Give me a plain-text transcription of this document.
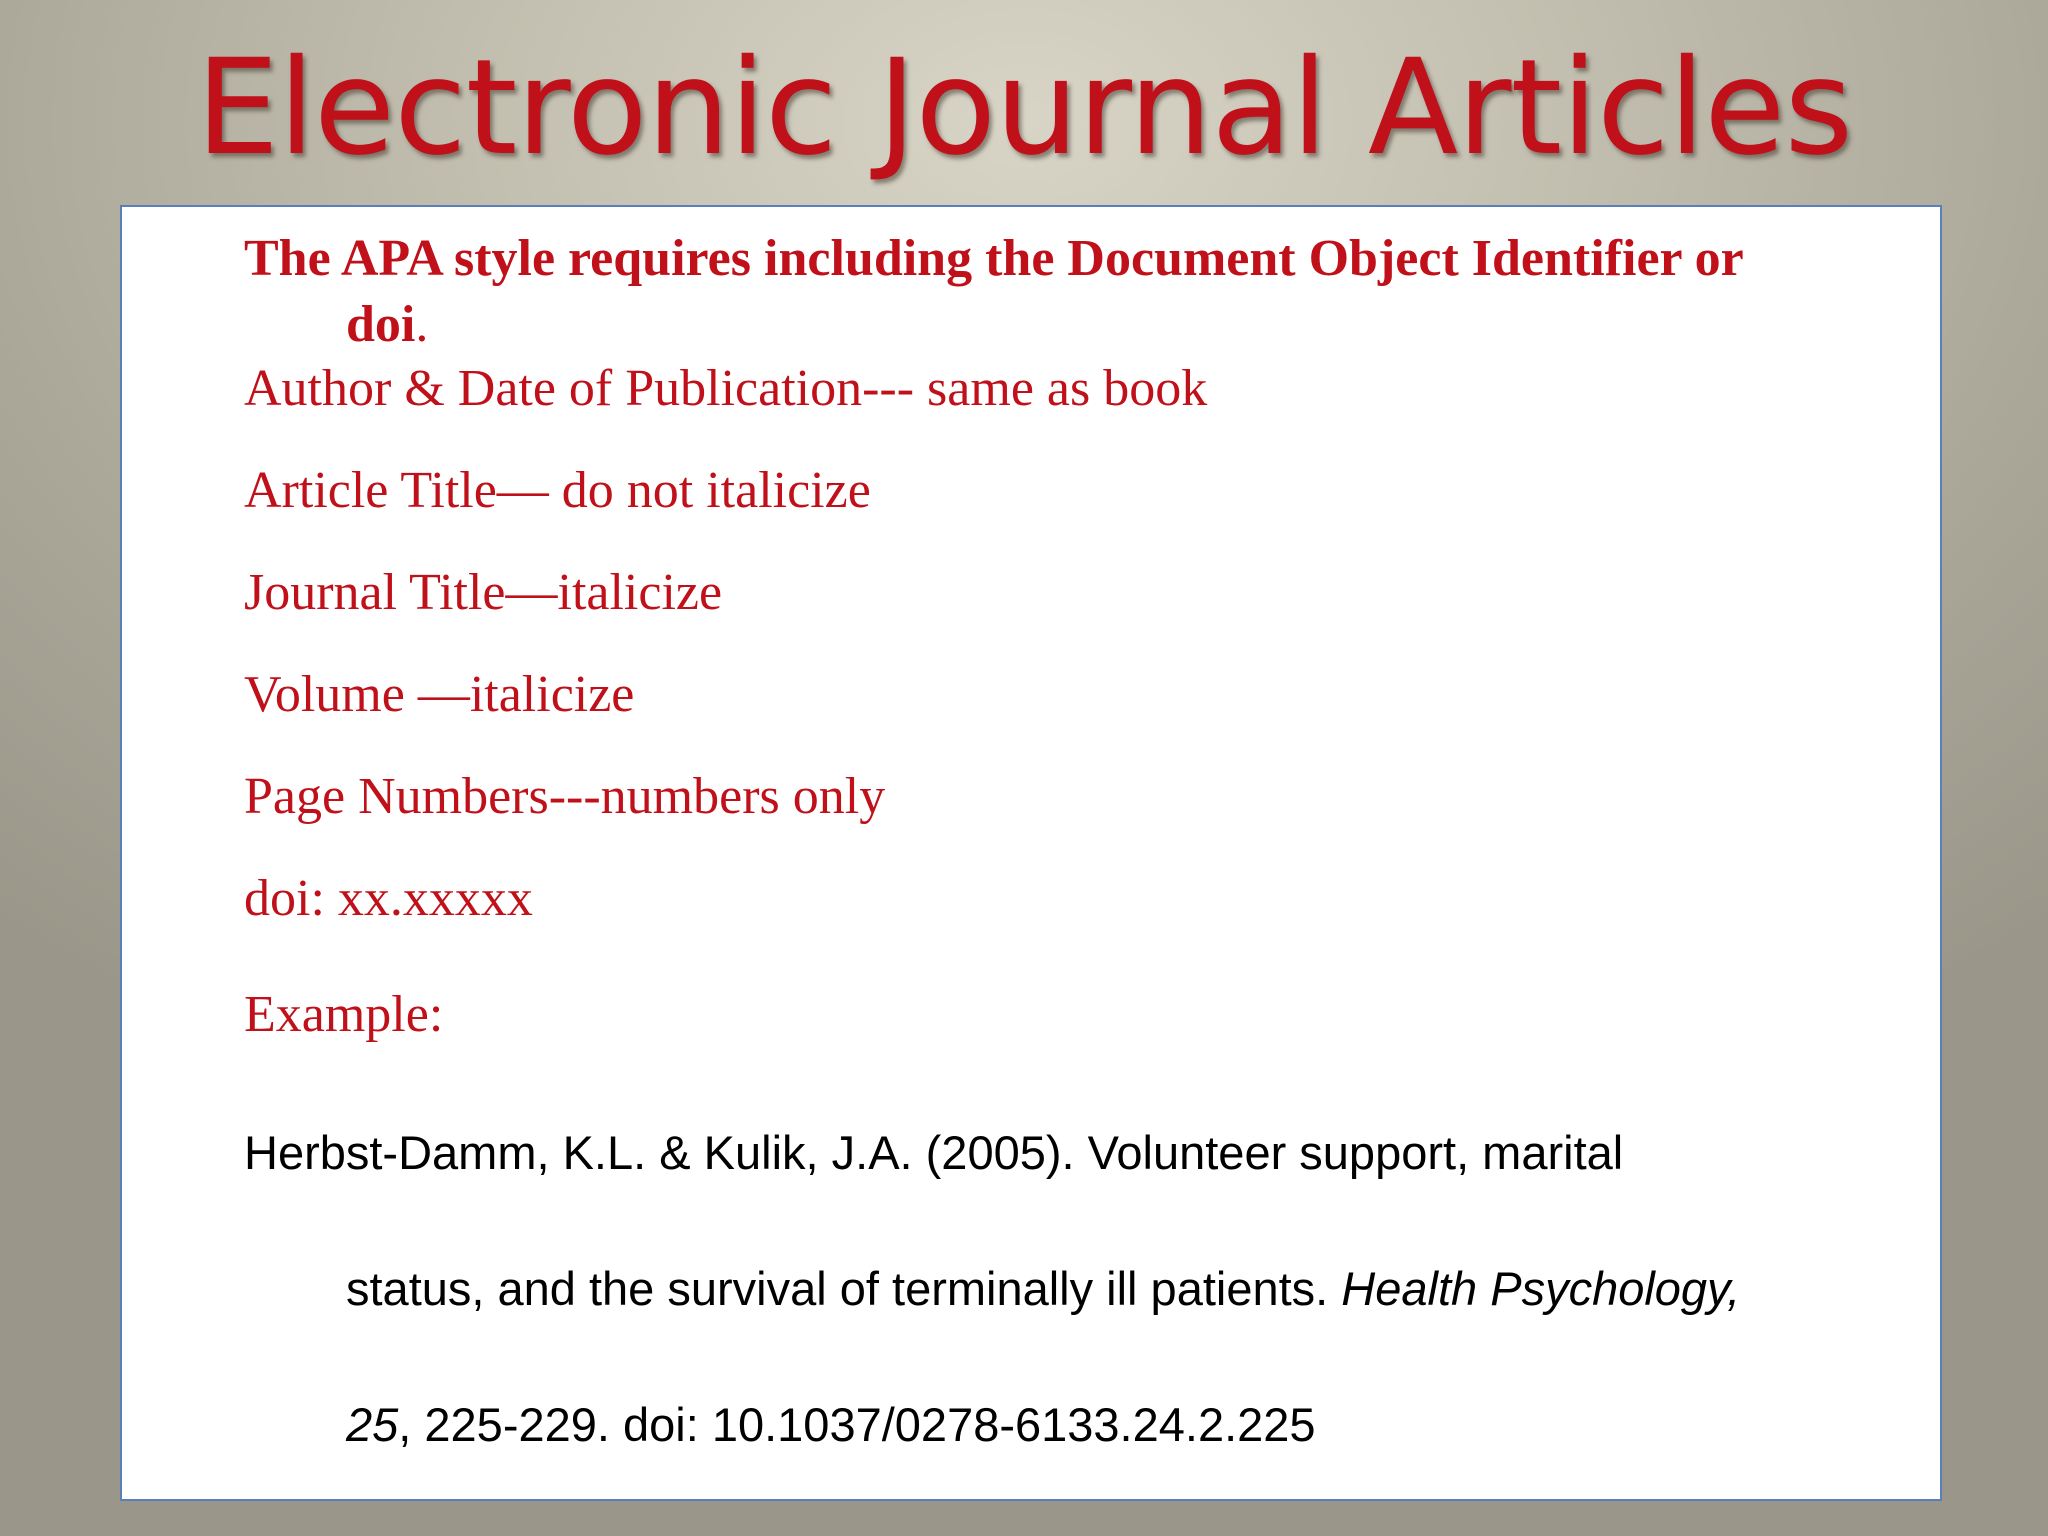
Electronic Journal Articles
The APA style requires including the Document Object Identifier or
doi.
Author & Date of Publication--- same as book
Article Title— do not italicize
Journal Title—italicize
Volume —italicize
Page Numbers---numbers only
doi: xx.xxxxx
Example:
Herbst-Damm, K.L. & Kulik, J.A. (2005). Volunteer support, marital
status, and the survival of terminally ill patients. Health Psychology,
25, 225-229. doi: 10.1037/0278-6133.24.2.225
